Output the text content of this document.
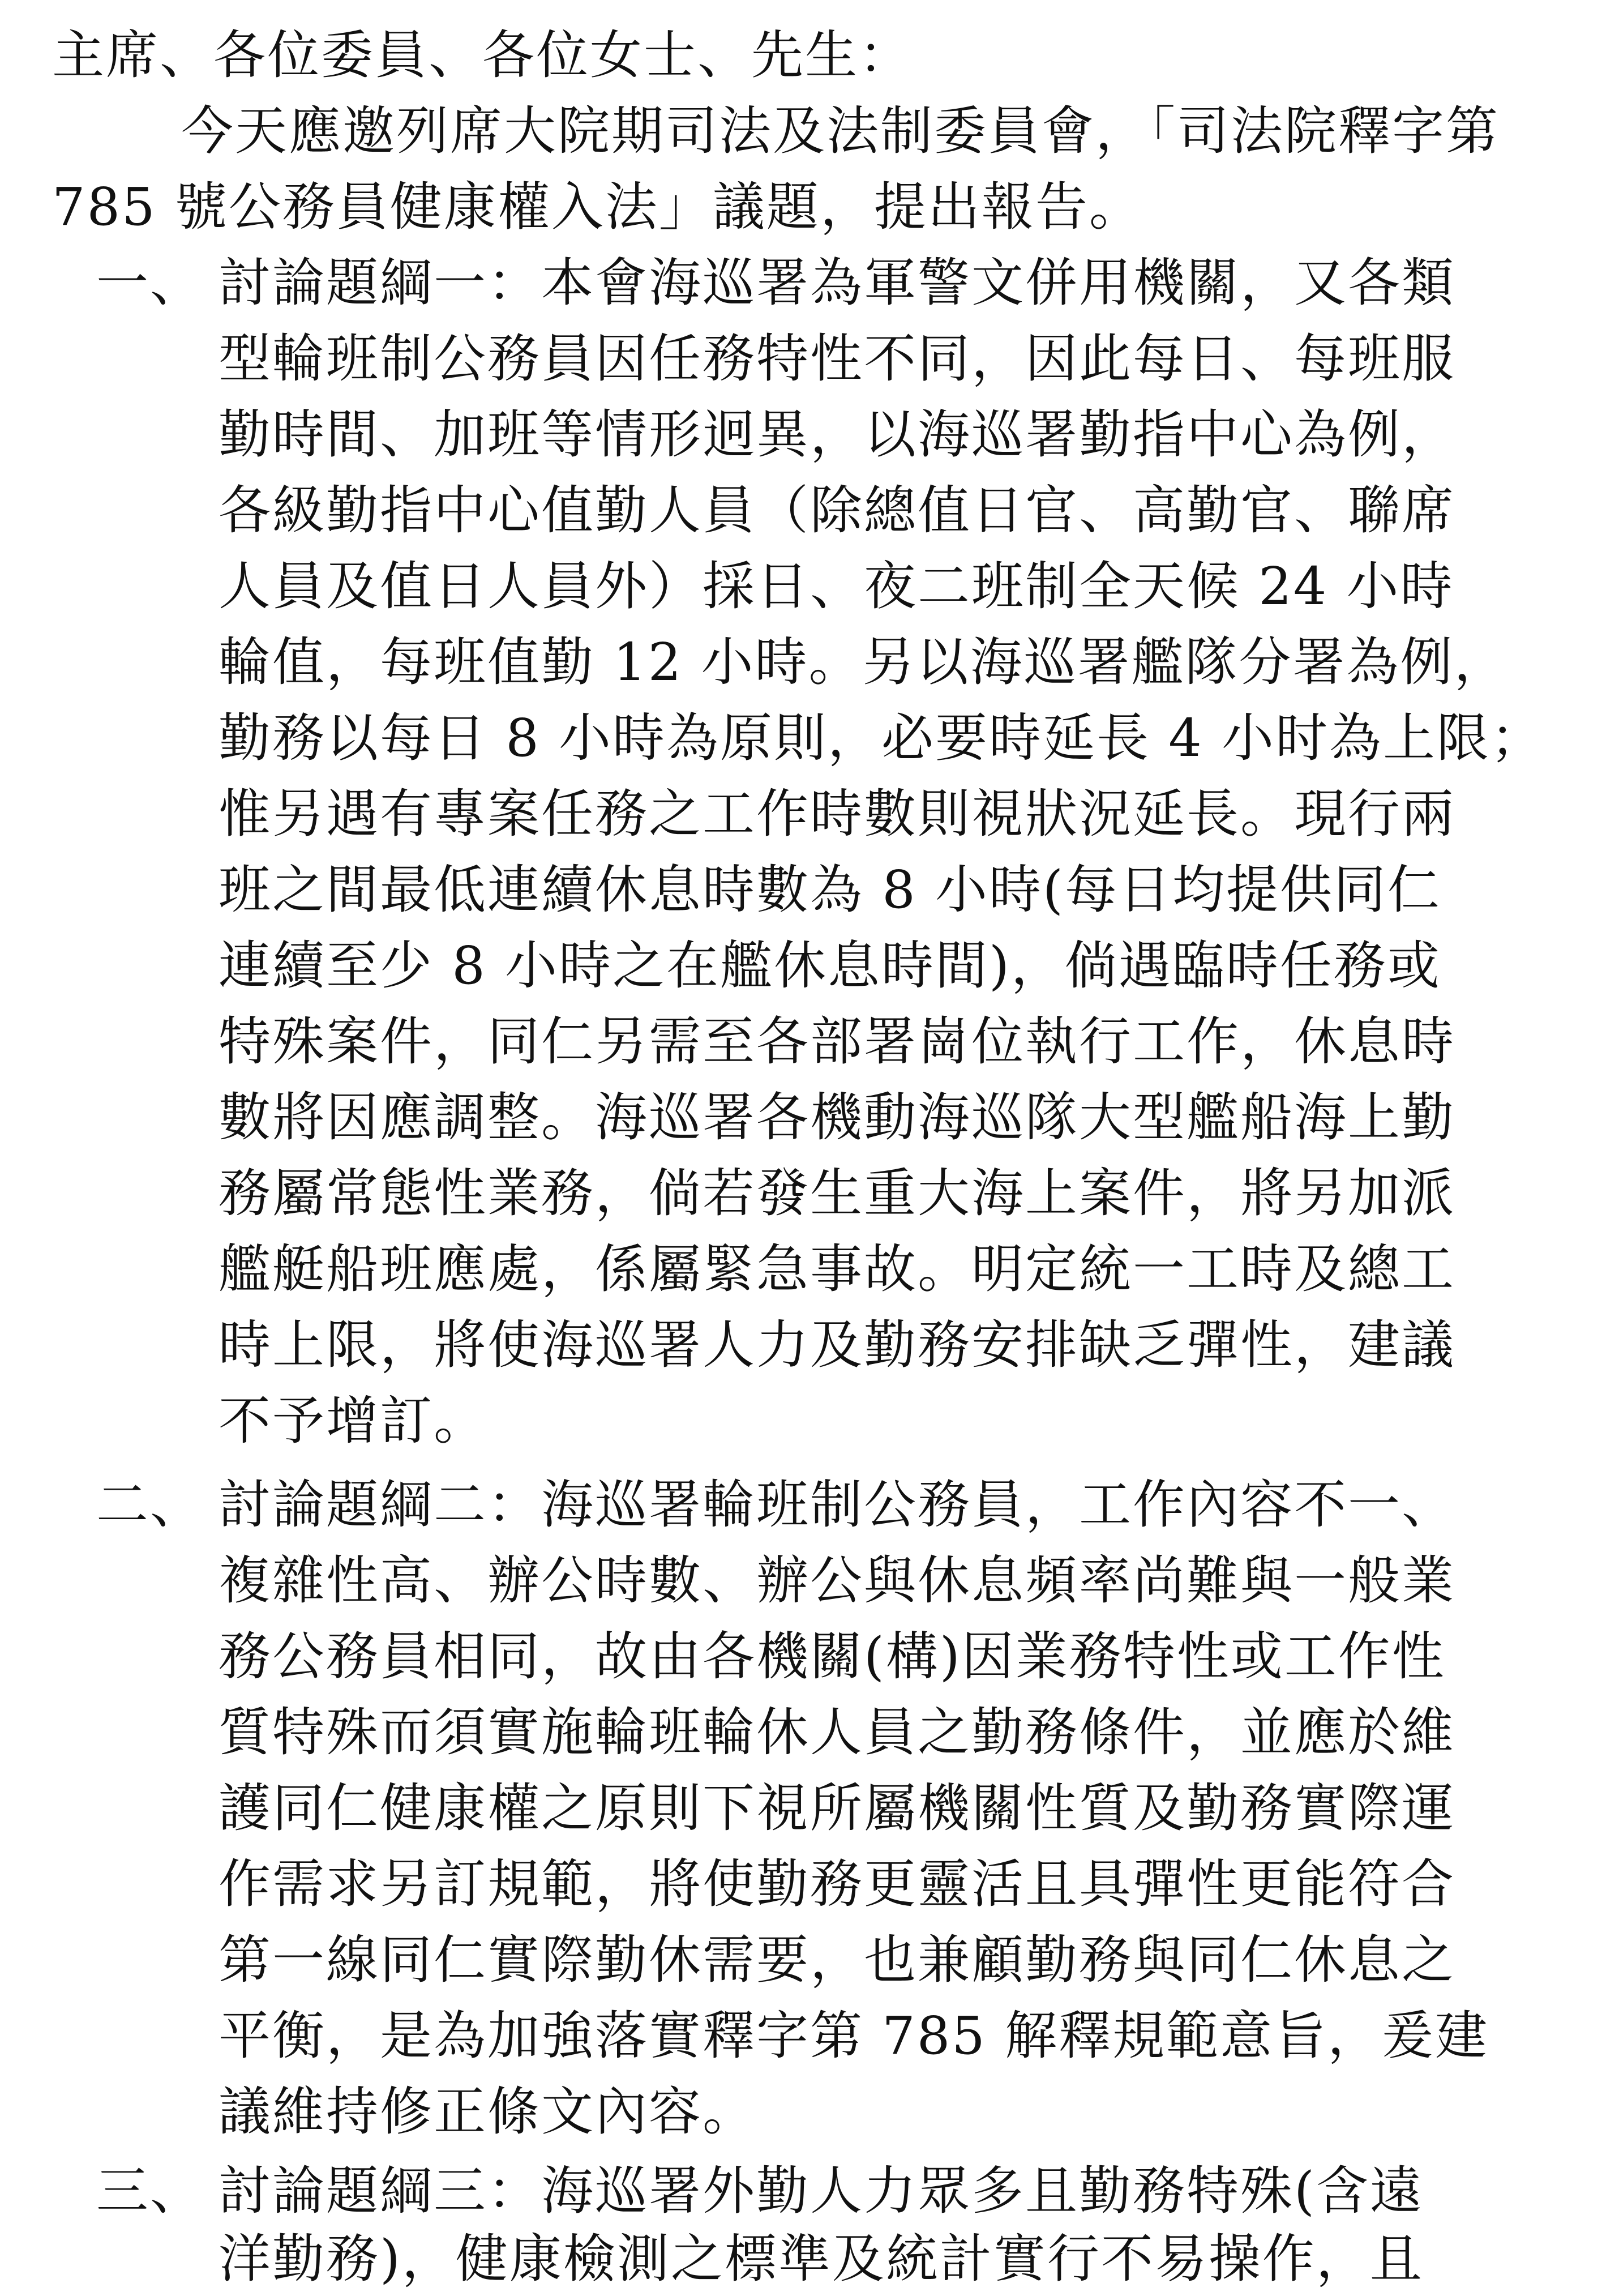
主席、各位委員、各位女士、先生：
今天應邀列席大院期司法及法制委員會，「司法院釋字第
785 號公務員健康權入法」議題，提出報告。
一、 討論題綱一：本會海巡署為軍警文併用機關，又各類
型輪班制公務員因任務特性不同，因此每日、每班服
勤時間、加班等情形迥異，以海巡署勤指中心為例，
各級勤指中心值勤人員（除總值日官、高勤官、聯席
人員及值日人員外）採日、夜二班制全天候 24 小時
輪值，每班值勤 12 小時。另以海巡署艦隊分署為例，
勤務以每日 8 小時為原則，必要時延長 4 小时為上限；
惟另遇有專案任務之工作時數則視狀況延長。現行兩
班之間最低連續休息時數為 8 小時(每日均提供同仁
連續至少 8 小時之在艦休息時間)，倘遇臨時任務或
特殊案件，同仁另需至各部署崗位執行工作，休息時
數將因應調整。海巡署各機動海巡隊大型艦船海上勤
務屬常態性業務，倘若發生重大海上案件，將另加派
艦艇船班應處，係屬緊急事故。明定統一工時及總工
時上限，將使海巡署人力及勤務安排缺乏彈性，建議
不予增訂。
二、 討論題綱二：海巡署輪班制公務員，工作內容不一、
複雜性高、辦公時數、辦公與休息頻率尚難與一般業
務公務員相同，故由各機關(構)因業務特性或工作性
質特殊而須實施輪班輪休人員之勤務條件，並應於維
護同仁健康權之原則下視所屬機關性質及勤務實際運
作需求另訂規範，將使勤務更靈活且具彈性更能符合
第一線同仁實際勤休需要，也兼顧勤務與同仁休息之
平衡，是為加強落實釋字第 785 解釋規範意旨，爰建
議維持修正條文內容。
三、 討論題綱三：海巡署外勤人力眾多且勤務特殊(含遠
洋勤務)，健康檢測之標準及統計實行不易操作，且
